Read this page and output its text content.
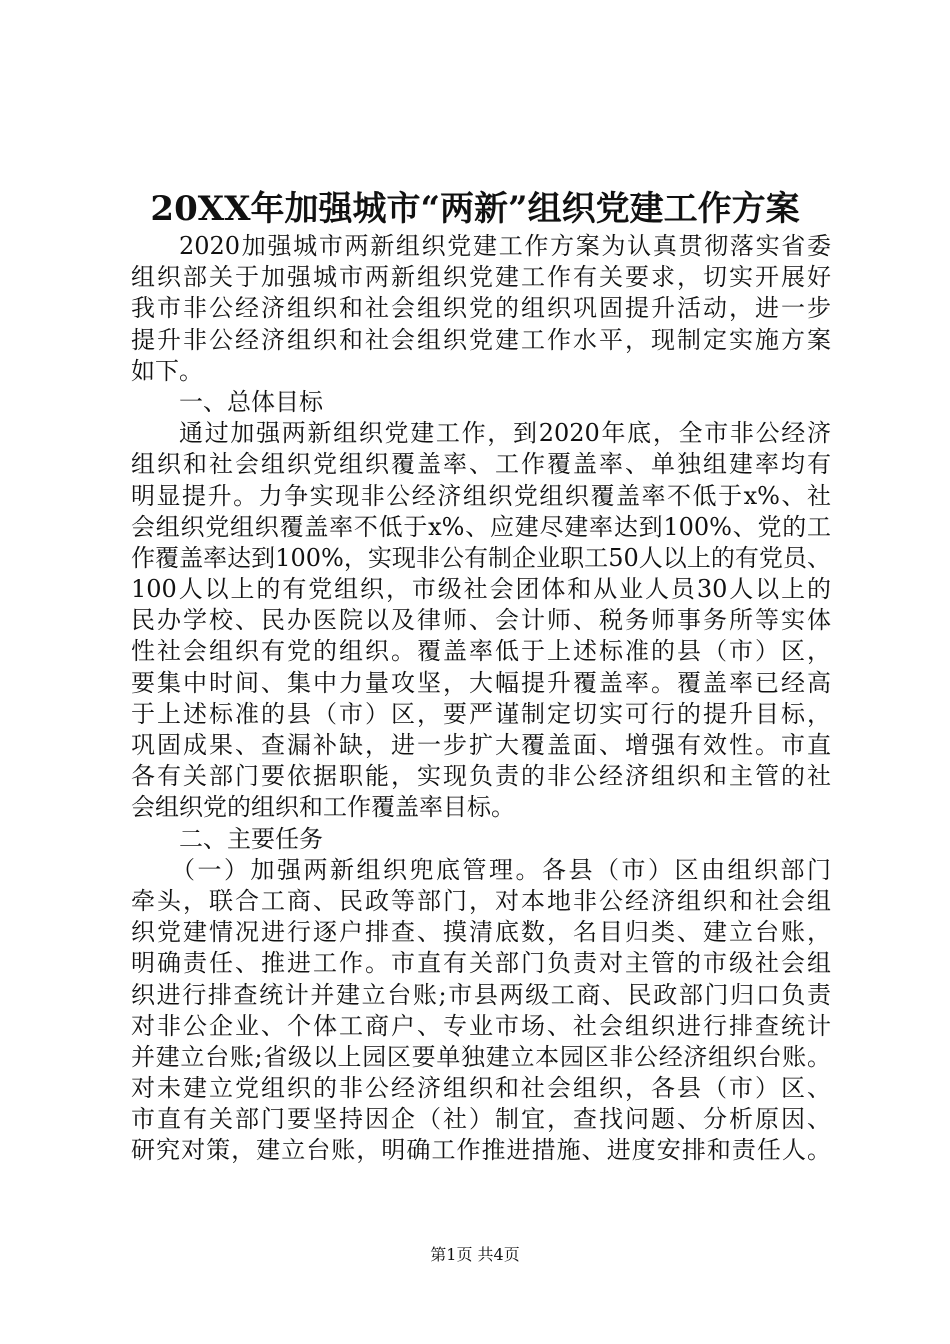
20XX年加强城市“两新”组织党建工作方案
2020加强城市两新组织党建工作方案为认真贯彻落实省委
组织部关于加强城市两新组织党建工作有关要求，切实开展好
我市非公经济组织和社会组织党的组织巩固提升活动，进一步
提升非公经济组织和社会组织党建工作水平，现制定实施方案
如下。
一、总体目标
通过加强两新组织党建工作，到2020年底，全市非公经济
组织和社会组织党组织覆盖率、工作覆盖率、单独组建率均有
明显提升。力争实现非公经济组织党组织覆盖率不低于x%、社
会组织党组织覆盖率不低于x%、应建尽建率达到100%、党的工
作覆盖率达到100%，实现非公有制企业职工50人以上的有党员、
100人以上的有党组织，市级社会团体和从业人员30人以上的
民办学校、民办医院以及律师、会计师、税务师事务所等实体
性社会组织有党的组织。覆盖率低于上述标准的县（市）区，
要集中时间、集中力量攻坚，大幅提升覆盖率。覆盖率已经高
于上述标准的县（市）区，要严谨制定切实可行的提升目标，
巩固成果、查漏补缺，进一步扩大覆盖面、增强有效性。市直
各有关部门要依据职能，实现负责的非公经济组织和主管的社
会组织党的组织和工作覆盖率目标。
二、主要任务
（一）加强两新组织兜底管理。各县（市）区由组织部门
牵头，联合工商、民政等部门，对本地非公经济组织和社会组
织党建情况进行逐户排查、摸清底数，名目归类、建立台账，
明确责任、推进工作。市直有关部门负责对主管的市级社会组
织进行排查统计并建立台账;市县两级工商、民政部门归口负责
对非公企业、个体工商户、专业市场、社会组织进行排查统计
并建立台账;省级以上园区要单独建立本园区非公经济组织台账。
对未建立党组织的非公经济组织和社会组织，各县（市）区、
市直有关部门要坚持因企（社）制宜，查找问题、分析原因、
研究对策，建立台账，明确工作推进措施、进度安排和责任人。
第1页 共4页
